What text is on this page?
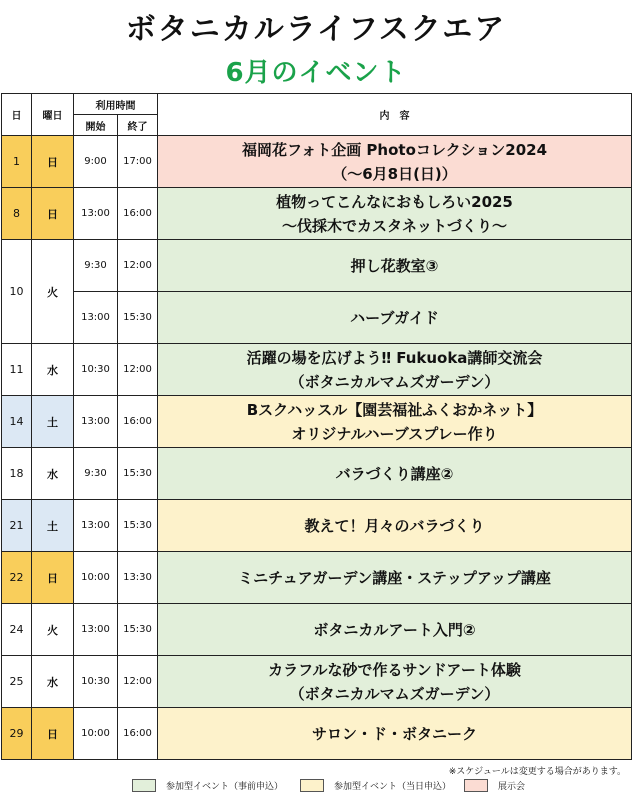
ボタニカルライフスクエア
6月のイベント
日	曜日	利用時間		内　容
		開始	終了	
1	日	9:00	17:00	福岡花フォト企画 Photoコレクション2024
（～6月8日(日)）

8	日	13:00	16:00	植物ってこんなにおもしろい2025
～伐採木でカスタネットづくり～

10	火	9:30	12:00	押し花教室③

		13:00	15:30	ハーブガイド

11	水	10:30	12:00	活躍の場を広げよう‼ Fukuoka講師交流会
（ボタニカルマムズガーデン）

14	土	13:00	16:00	Bスクハッスル【園芸福祉ふくおかネット】
オリジナルハーブスプレー作り

18	水	9:30	15:30	バラづくり講座②

21	土	13:00	15:30	教えて！月々のバラづくり

22	日	10:00	13:30	ミニチュアガーデン講座・ステップアップ講座

24	火	13:00	15:30	ボタニカルアート入門②

25	水	10:30	12:00	カラフルな砂で作るサンドアート体験
（ボタニカルマムズガーデン）

29	日	10:00	16:00	サロン・ド・ボタニーク
※スケジュールは変更する場合があります。
参加型イベント（事前申込）	参加型イベント（当日申込）	展示会
